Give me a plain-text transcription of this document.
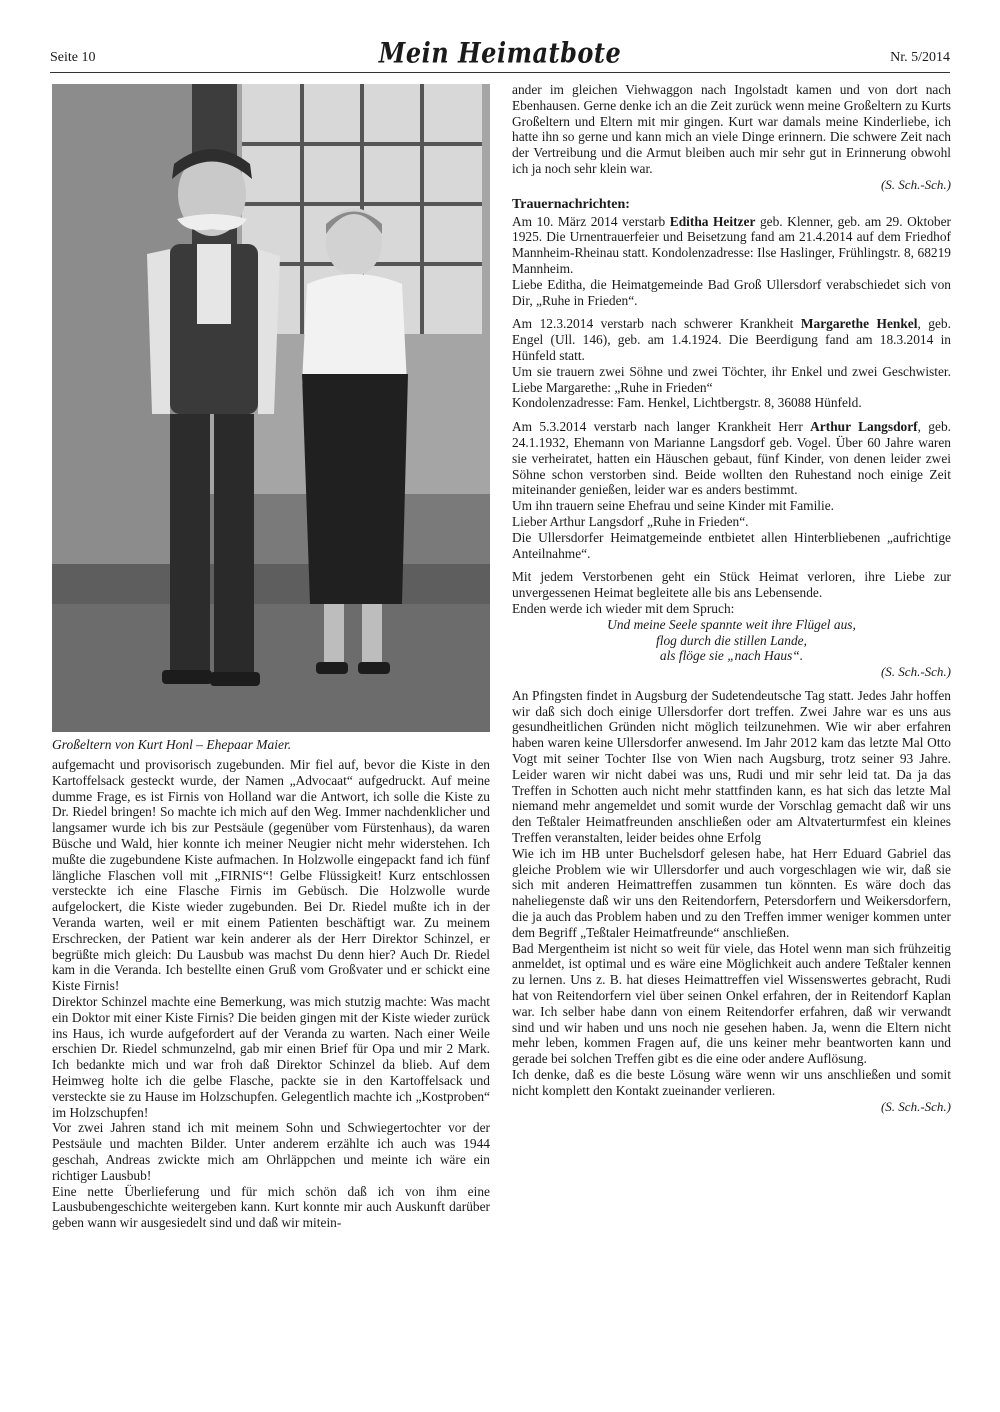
Seite 10	Mein Heimatbote	Nr. 5/2014
Großeltern von Kurt Honl – Ehepaar Maier.

aufgemacht und provisorisch zugebunden. Mir fiel auf, bevor die Kiste in den Kartoffelsack gesteckt wurde, der Namen „Advocaat“ aufgedruckt. Auf meine dumme Frage, es ist Firnis von Holland war die Antwort, ich solle die Kiste zu Dr. Riedel bringen! So machte ich mich auf den Weg. Immer nachdenklicher und langsamer wurde ich bis zur Pestsäule (gegenüber vom Fürstenhaus), da waren Büsche und Wald, hier konnte ich meiner Neugier nicht mehr widerstehen. Ich mußte die zugebundene Kiste aufmachen. In Holzwolle eingepackt fand ich fünf längliche Flaschen voll mit „FIRNIS“! Gelbe Flüssigkeit! Kurz entschlossen versteckte ich eine Flasche Firnis im Gebüsch. Die Holzwolle wurde aufgelockert, die Kiste wieder zugebunden. Bei Dr. Riedel mußte ich in der Veranda warten, weil er mit einem Patienten beschäftigt war. Zu meinem Erschrecken, der Patient war kein anderer als der Herr Direktor Schinzel, er begrüßte mich gleich: Du Lausbub was machst Du denn hier? Auch Dr. Riedel kam in die Veranda. Ich bestellte einen Gruß vom Großvater und er schickt eine Kiste Firnis!

Direktor Schinzel machte eine Bemerkung, was mich stutzig machte: Was macht ein Doktor mit einer Kiste Firnis? Die beiden gingen mit der Kiste wieder zurück ins Haus, ich wurde aufgefordert auf der Veranda zu warten. Nach einer Weile erschien Dr. Riedel schmunzelnd, gab mir einen Brief für Opa und mir 2 Mark. Ich bedankte mich und war froh daß Direktor Schinzel da blieb. Auf dem Heimweg holte ich die gelbe Flasche, packte sie in den Kartoffelsack und versteckte sie zu Hause im Holzschupfen. Gelegentlich machte ich „Kostproben“ im Holzschupfen!

Vor zwei Jahren stand ich mit meinem Sohn und Schwiegertochter vor der Pestsäule und machten Bilder. Unter anderem erzählte ich auch was 1944 geschah, Andreas zwickte mich am Ohrläppchen und meinte ich wäre ein richtiger Lausbub!

Eine nette Überlieferung und für mich schön daß ich von ihm eine Lausbubengeschichte weitergeben kann. Kurt konnte mir auch Auskunft darüber geben wann wir ausgesiedelt sind und daß wir mitein-

ander im gleichen Viehwaggon nach Ingolstadt kamen und von dort nach Ebenhausen. Gerne denke ich an die Zeit zurück wenn meine Großeltern zu Kurts Großeltern und Eltern mit mir gingen. Kurt war damals meine Kinderliebe, ich hatte ihn so gerne und kann mich an viele Dinge erinnern. Die schwere Zeit nach der Vertreibung und die Armut bleiben auch mir sehr gut in Erinnerung obwohl ich ja noch sehr klein war.

(S. Sch.-Sch.)
Trauernachrichten:

Am 10. März 2014 verstarb Editha Heitzer geb. Klenner, geb. am 29. Oktober 1925. Die Urnentrauerfeier und Beisetzung fand am 21.4.2014 auf dem Friedhof Mannheim-Rheinau statt. Kondolenzadresse: Ilse Haslinger, Frühlingstr. 8, 68219 Mannheim.

Liebe Editha, die Heimatgemeinde Bad Groß Ullersdorf verabschiedet sich von Dir, „Ruhe in Frieden“.

Am 12.3.2014 verstarb nach schwerer Krankheit Margarethe Henkel, geb. Engel (Ull. 146), geb. am 1.4.1924. Die Beerdigung fand am 18.3.2014 in Hünfeld statt.

Um sie trauern zwei Söhne und zwei Töchter, ihr Enkel und zwei Geschwister. Liebe Margarethe: „Ruhe in Frieden“

Kondolenzadresse: Fam. Henkel, Lichtbergstr. 8, 36088 Hünfeld.

Am 5.3.2014 verstarb nach langer Krankheit Herr Arthur Langsdorf, geb. 24.1.1932, Ehemann von Marianne Langsdorf geb. Vogel. Über 60 Jahre waren sie verheiratet, hatten ein Häuschen gebaut, fünf Kinder, von denen leider zwei Söhne schon verstorben sind. Beide wollten den Ruhestand noch einige Zeit miteinander genießen, leider war es anders bestimmt.

Um ihn trauern seine Ehefrau und seine Kinder mit Familie.

Lieber Arthur Langsdorf „Ruhe in Frieden“.

Die Ullersdorfer Heimatgemeinde entbietet allen Hinterbliebenen „aufrichtige Anteilnahme“.

Mit jedem Verstorbenen geht ein Stück Heimat verloren, ihre Liebe zur unvergessenen Heimat begleitete alle bis ans Lebensende.

Enden werde ich wieder mit dem Spruch:

Und meine Seele spannte weit ihre Flügel aus,
flog durch die stillen Lande,
als flöge sie „nach Haus“.
(S. Sch.-Sch.)

An Pfingsten findet in Augsburg der Sudetendeutsche Tag statt. Jedes Jahr hoffen wir daß sich doch einige Ullersdorfer dort treffen. Zwei Jahre war es uns aus gesundheitlichen Gründen nicht möglich teilzunehmen. Wie wir aber erfahren haben waren keine Ullersdorfer anwesend. Im Jahr 2012 kam das letzte Mal Otto Vogt mit seiner Tochter Ilse von Wien nach Augsburg, trotz seiner 93 Jahre. Leider waren wir nicht dabei was uns, Rudi und mir sehr leid tat. Da ja das Treffen in Schotten auch nicht mehr stattfinden kann, es hat sich das letzte Mal niemand mehr angemeldet und somit wurde der Vorschlag gemacht daß wir uns den Teßtaler Heimatfreunden anschließen oder am Altvaterturmfest ein kleines Treffen veranstalten, leider beides ohne Erfolg

Wie ich im HB unter Buchelsdorf gelesen habe, hat Herr Eduard Gabriel das gleiche Problem wie wir Ullersdorfer und auch vorgeschlagen wie wir, daß sie sich mit anderen Heimattreffen zusammen tun könnten. Es wäre doch das naheliegenste daß wir uns den Reitendorfern, Petersdorfern und Weikersdorfern, die ja auch das Problem haben und zu den Treffen immer weniger kommen unter dem Begriff „Teßtaler Heimatfreunde“ anschließen.

Bad Mergentheim ist nicht so weit für viele, das Hotel wenn man sich frühzeitig anmeldet, ist optimal und es wäre eine Möglichkeit auch andere Teßtaler kennen zu lernen. Uns z. B. hat dieses Heimattreffen viel Wissenswertes gebracht, Rudi hat von Reitendorfern viel über seinen Onkel erfahren, der in Reitendorf Kaplan war. Ich selber habe dann von einem Reitendorfer erfahren, daß wir verwandt sind und wir haben und uns noch nie gesehen haben. Ja, wenn die Eltern nicht mehr leben, kommen Fragen auf, die uns keiner mehr beantworten kann und gerade bei solchen Treffen gibt es die eine oder andere Auflösung.

Ich denke, daß es die beste Lösung wäre wenn wir uns anschließen und somit nicht komplett den Kontakt zueinander verlieren.

(S. Sch.-Sch.)
